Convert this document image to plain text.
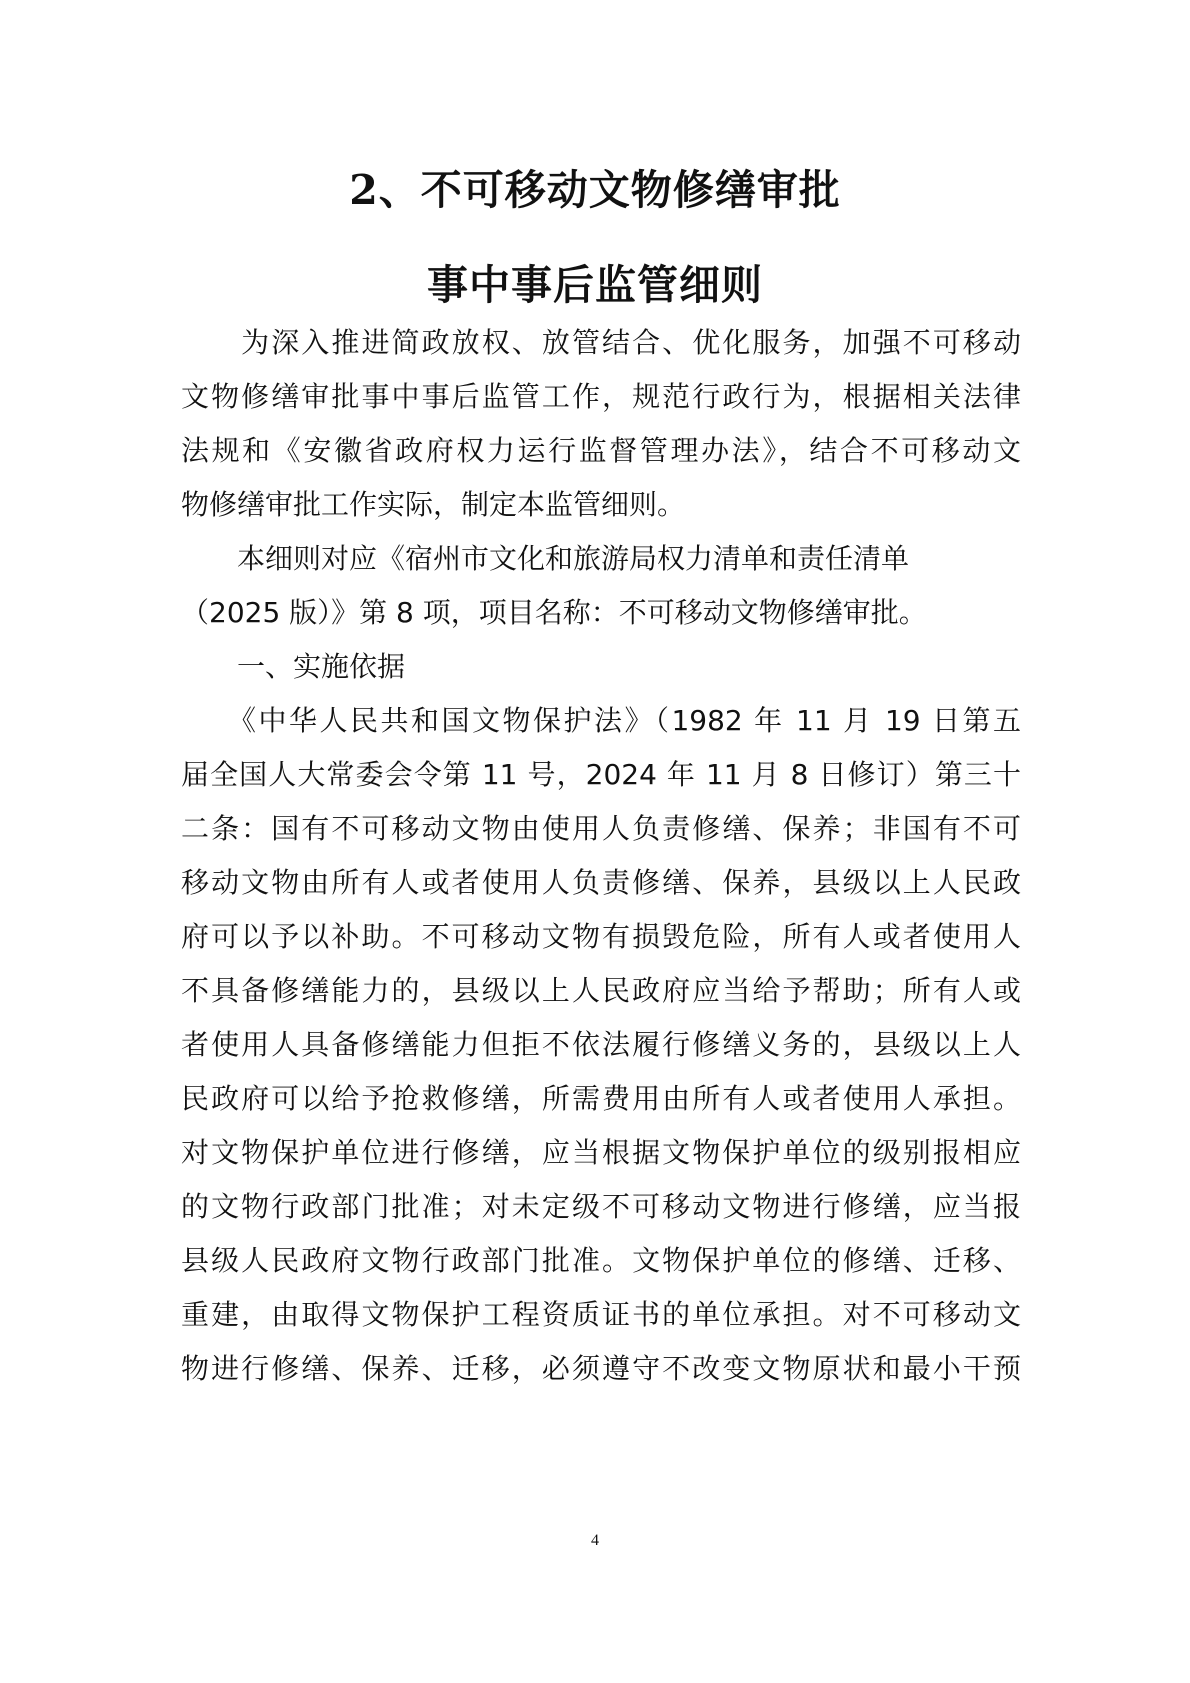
2、不可移动文物修缮审批
事中事后监管细则

　　为深入推进简政放权、放管结合、优化服务，加强不可移动

文物修缮审批事中事后监管工作，规范行政行为，根据相关法律

法规和《安徽省政府权力运行监督管理办法》，结合不可移动文

物修缮审批工作实际，制定本监管细则。

　　本细则对应《宿州市文化和旅游局权力清单和责任清单

（2025 版）》第 8 项，项目名称：不可移动文物修缮审批。

　　一、实施依据

　　《中华人民共和国文物保护法》（1982 年 11 月 19 日第五

届全国人大常委会令第 11 号，2024 年 11 月 8 日修订）第三十

二条：国有不可移动文物由使用人负责修缮、保养；非国有不可

移动文物由所有人或者使用人负责修缮、保养，县级以上人民政

府可以予以补助。不可移动文物有损毁危险，所有人或者使用人

不具备修缮能力的，县级以上人民政府应当给予帮助；所有人或

者使用人具备修缮能力但拒不依法履行修缮义务的，县级以上人

民政府可以给予抢救修缮，所需费用由所有人或者使用人承担。

对文物保护单位进行修缮，应当根据文物保护单位的级别报相应

的文物行政部门批准；对未定级不可移动文物进行修缮，应当报

县级人民政府文物行政部门批准。文物保护单位的修缮、迁移、

重建，由取得文物保护工程资质证书的单位承担。对不可移动文

物进行修缮、保养、迁移，必须遵守不改变文物原状和最小干预

4
